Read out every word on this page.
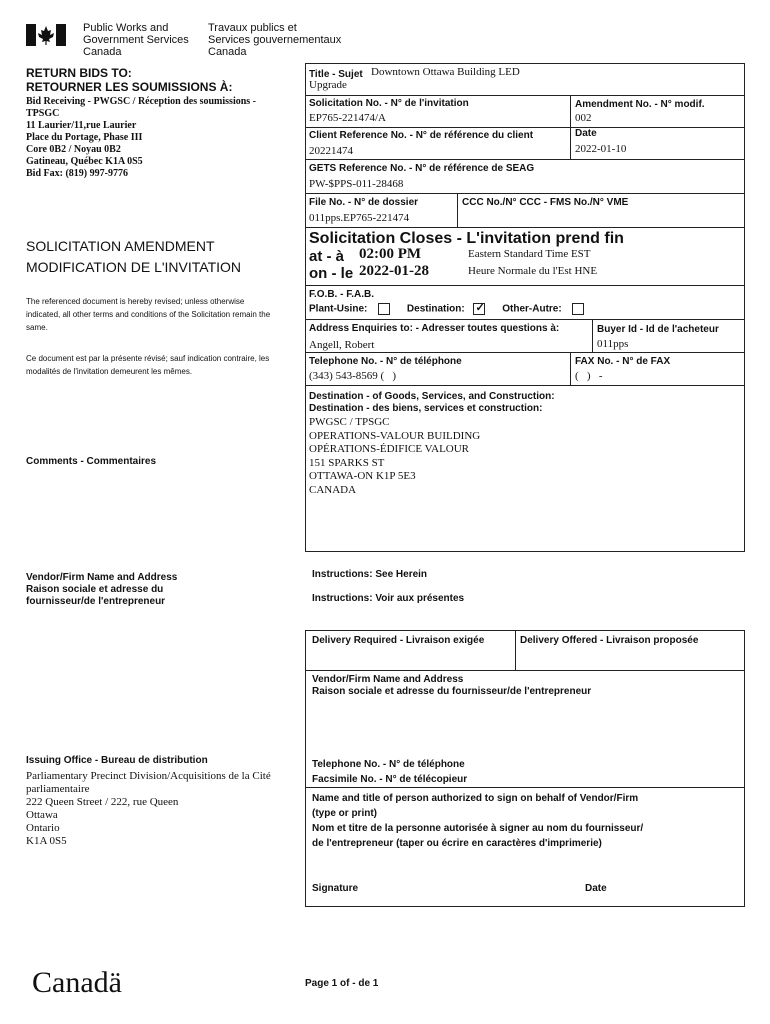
Public Works and
Government Services
Canada
Travaux publics et
Services gouvernementaux
Canada
RETURN BIDS TO:
RETOURNER LES SOUMISSIONS À:
Bid Receiving - PWGSC / Réception des soumissions -
TPSGC
11 Laurier/11,rue Laurier
Place du Portage, Phase III
Core 0B2 / Noyau 0B2
Gatineau, Québec K1A 0S5
Bid Fax: (819) 997-9776
SOLICITATION AMENDMENT
MODIFICATION DE L'INVITATION
The referenced document is hereby revised; unless otherwise indicated, all other terms and conditions of the Solicitation remain the same.
Ce document est par la présente révisé; sauf indication contraire, les modalités de l'invitation demeurent les mêmes.
Comments - Commentaires
Vendor/Firm Name and Address
Raison sociale et adresse du
fournisseur/de l'entrepreneur
Issuing Office - Bureau de distribution
Parliamentary Precinct Division/Acquisitions de la Cité
parliamentaire
222 Queen Street / 222, rue Queen
Ottawa
Ontario
K1A 0S5
Title - Sujet Downtown Ottawa Building LED
Upgrade
Solicitation No. - N° de l'invitation
EP765-221474/A
Amendment No. - N° modif.
002
Client Reference No. - N° de référence du client
20221474
Date
2022-01-10
GETS Reference No. - N° de référence de SEAG
PW-$PPS-011-28468
File No. - N° de dossier
011pps.EP765-221474
CCC No./N° CCC - FMS No./N° VME
Solicitation Closes - L'invitation prend fin
at - à 02:00 PM
on - le 2022-01-28
Eastern Standard Time EST
Heure Normale du l'Est HNE
F.O.B. - F.A.B.
Plant-Usine:	Destination: ✓ Other-Autre:
Address Enquiries to: - Adresser toutes questions à:
Angell, Robert
Buyer Id - Id de l'acheteur
011pps
Telephone No. - N° de téléphone
(343) 543-8569 (   )
FAX No. - N° de FAX
(   )   -
Destination - of Goods, Services, and Construction:
Destination - des biens, services et construction:
PWGSC / TPSGC
OPERATIONS-VALOUR BUILDING
OPÉRATIONS-ÉDIFICE VALOUR
151 SPARKS ST
OTTAWA-ON K1P 5E3
CANADA
Instructions: See Herein
Instructions: Voir aux présentes
Delivery Required - Livraison exigée	Delivery Offered - Livraison proposée
Vendor/Firm Name and Address
Raison sociale et adresse du fournisseur/de l'entrepreneur
Telephone No. - N° de téléphone
Facsimile No. - N° de télécopieur
Name and title of person authorized to sign on behalf of Vendor/Firm
(type or print)
Nom et titre de la personne autorisée à signer au nom du fournisseur/
de l'entrepreneur (taper ou écrire en caractères d'imprimerie)
Signature	Date
Canadä	Page 1 of - de 1
